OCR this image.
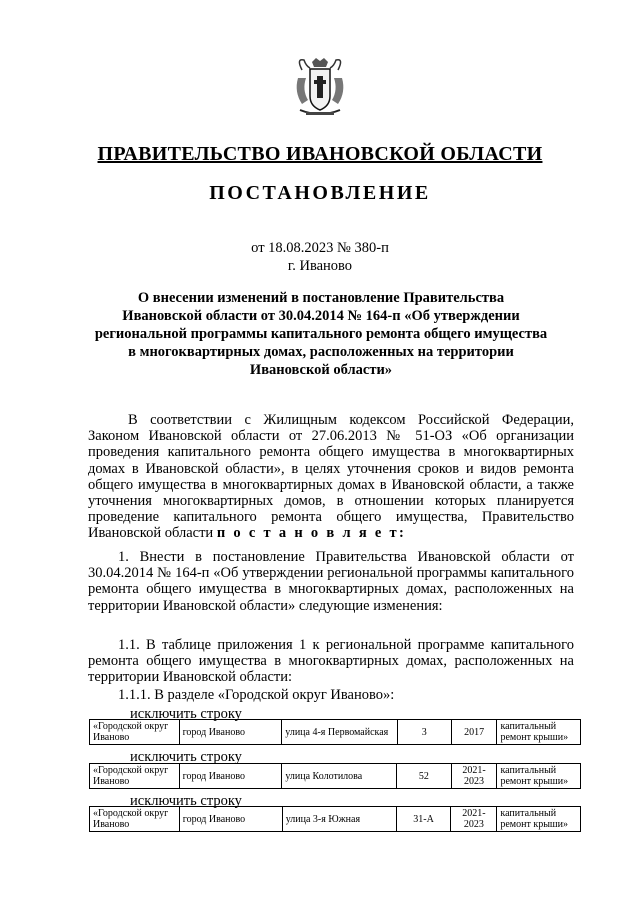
ПРАВИТЕЛЬСТВО ИВАНОВСКОЙ ОБЛАСТИ
ПОСТАНОВЛЕНИЕ
от 18.08.2023 № 380-п
г. Иваново
О внесении изменений в постановление Правительства
Ивановской области от 30.04.2014 № 164-п «Об утверждении
региональной программы капитального ремонта общего имущества
в многоквартирных домах, расположенных на территории
Ивановской области»
В соответствии с Жилищным кодексом Российской Федерации, Законом Ивановской области от 27.06.2013 № 51-ОЗ «Об организации проведения капитального ремонта общего имущества в многоквартирных домах в Ивановской области», в целях уточнения сроков и видов ремонта общего имущества в многоквартирных домах в Ивановской области, а также уточнения многоквартирных домов, в отношении которых планируется проведение капитального ремонта общего имущества, Правительство Ивановской области п о с т а н о в л я е т:
1. Внести в постановление Правительства Ивановской области от 30.04.2014 № 164-п «Об утверждении региональной программы капитального ремонта общего имущества в многоквартирных домах, расположенных на территории Ивановской области» следующие изменения:
1.1. В таблице приложения 1 к региональной программе капитального ремонта общего имущества в многоквартирных домах, расположенных на территории Ивановской области:
1.1.1. В разделе «Городской округ Иваново»:
исключить строку
«Городской округ Иваново	город Иваново	улица 4-я Первомайская	3	2017	капитальный ремонт крыши»
исключить строку
«Городской округ Иваново	город Иваново	улица Колотилова	52	2021-2023	капитальный ремонт крыши»
исключить строку
«Городской округ Иваново	город Иваново	улица 3-я Южная	31-А	2021-2023	капитальный ремонт крыши»
